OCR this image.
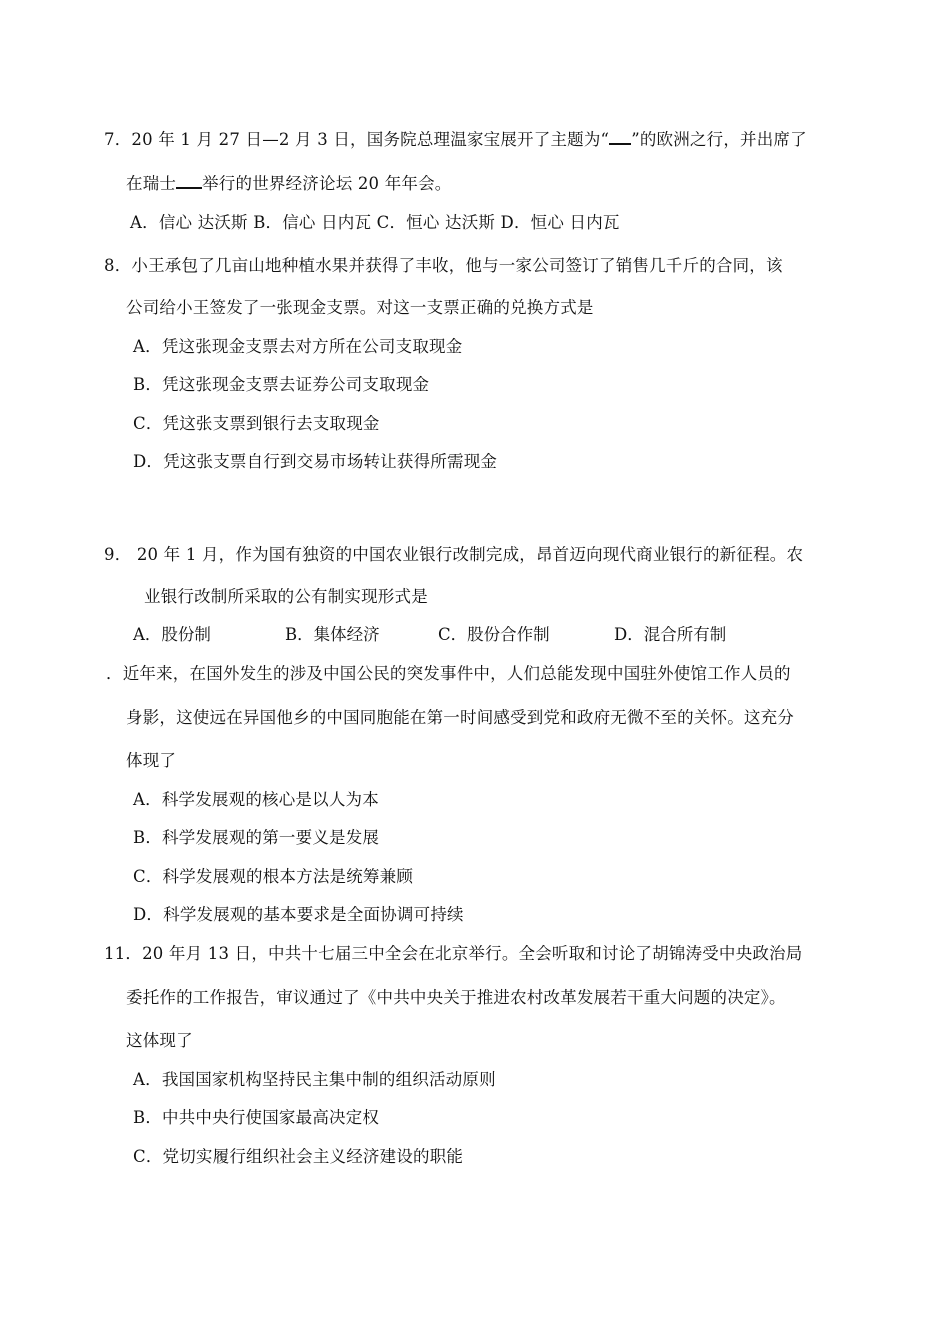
7．20 年 1 月 27 日—2 月 3 日，国务院总理温家宝展开了主题为“ ”的欧洲之行，并出席了
在瑞士 举行的世界经济论坛 20 年年会。
A．信心 达沃斯 B．信心 日内瓦 C．恒心 达沃斯 D．恒心 日内瓦
8．小王承包了几亩山地种植水果并获得了丰收，他与一家公司签订了销售几千斤的合同，该
公司给小王签发了一张现金支票。对这一支票正确的兑换方式是
A．凭这张现金支票去对方所在公司支取现金
B．凭这张现金支票去证券公司支取现金
C．凭这张支票到银行去支取现金
D．凭这张支票自行到交易市场转让获得所需现金
9． 20 年 1 月，作为国有独资的中国农业银行改制完成，昂首迈向现代商业银行的新征程。农
业银行改制所采取的公有制实现形式是
A．股份制	B．集体经济	C．股份合作制	D．混合所有制
．近年来，在国外发生的涉及中国公民的突发事件中，人们总能发现中国驻外使馆工作人员的
身影，这使远在异国他乡的中国同胞能在第一时间感受到党和政府无微不至的关怀。这充分
体现了
A．科学发展观的核心是以人为本
B．科学发展观的第一要义是发展
C．科学发展观的根本方法是统筹兼顾
D．科学发展观的基本要求是全面协调可持续
11．20 年月 13 日，中共十七届三中全会在北京举行。全会听取和讨论了胡锦涛受中央政治局
委托作的工作报告，审议通过了《中共中央关于推进农村改革发展若干重大问题的决定》。
这体现了
A．我国国家机构坚持民主集中制的组织活动原则
B．中共中央行使国家最高决定权
C．党切实履行组织社会主义经济建设的职能
